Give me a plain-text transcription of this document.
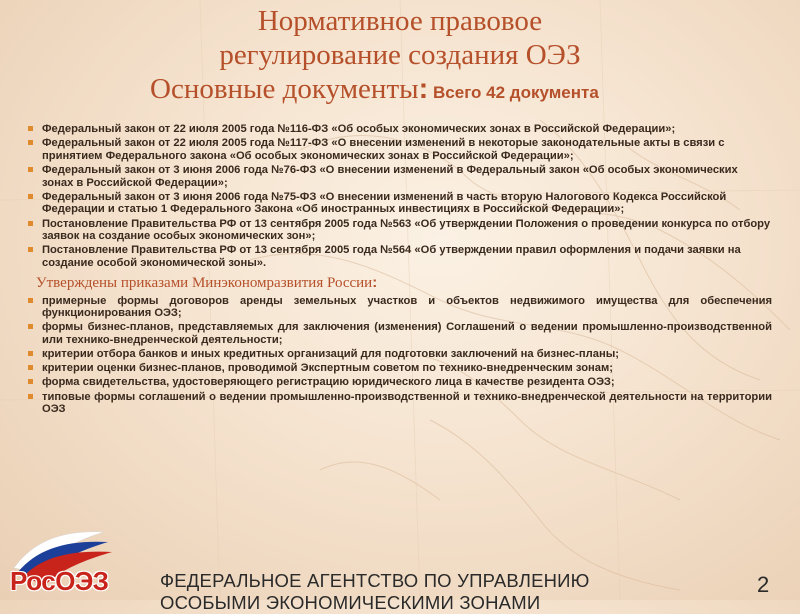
Нормативное правовое
регулирование создания ОЭЗ
Основные документы: Всего 42 документа
Федеральный закон от 22 июля 2005 года №116-ФЗ «Об особых экономических зонах в Российской Федерации»;
Федеральный закон от 22 июля 2005 года №117-ФЗ «О внесении изменений в некоторые законодательные акты в связи с принятием Федерального закона «Об особых экономических зонах в Российской Федерации»;
Федеральный закон от 3 июня 2006 года №76-ФЗ «О внесении изменений в Федеральный закон «Об особых экономических зонах в Российской Федерации»;
Федеральный закон от 3 июня 2006 года №75-ФЗ «О внесении изменений в часть вторую Налогового Кодекса Российской Федерации и статью 1 Федерального Закона «Об иностранных инвестициях в Российской Федерации»;
Постановление Правительства РФ от 13 сентября 2005 года №563 «Об утверждении Положения о проведении конкурса по отбору заявок на создание особых экономических зон»;
Постановление Правительства РФ от 13 сентября 2005 года №564 «Об утверждении правил оформления и подачи заявки на создание особой экономической зоны».
Утверждены приказами Минэкономразвития России:
примерные формы договоров аренды земельных участков и объектов недвижимого имущества для обеспечения функционирования ОЭЗ;
формы бизнес-планов, представляемых для заключения (изменения) Соглашений о ведении промышленно-производственной или технико-внедренческой деятельности;
критерии отбора банков и иных кредитных организаций для подготовки заключений на бизнес-планы;
критерии оценки бизнес-планов, проводимой Экспертным советом по технико-внедренческим зонам;
форма свидетельства, удостоверяющего регистрацию юридического лица в качестве резидента ОЭЗ;
типовые формы соглашений о ведении промышленно-производственной и технико-внедренческой деятельности на территории ОЭЗ
РосОЭЗ	ФЕДЕРАЛЬНОЕ АГЕНТСТВО ПО УПРАВЛЕНИЮ
ОСОБЫМИ ЭКОНОМИЧЕСКИМИ ЗОНАМИ
2
